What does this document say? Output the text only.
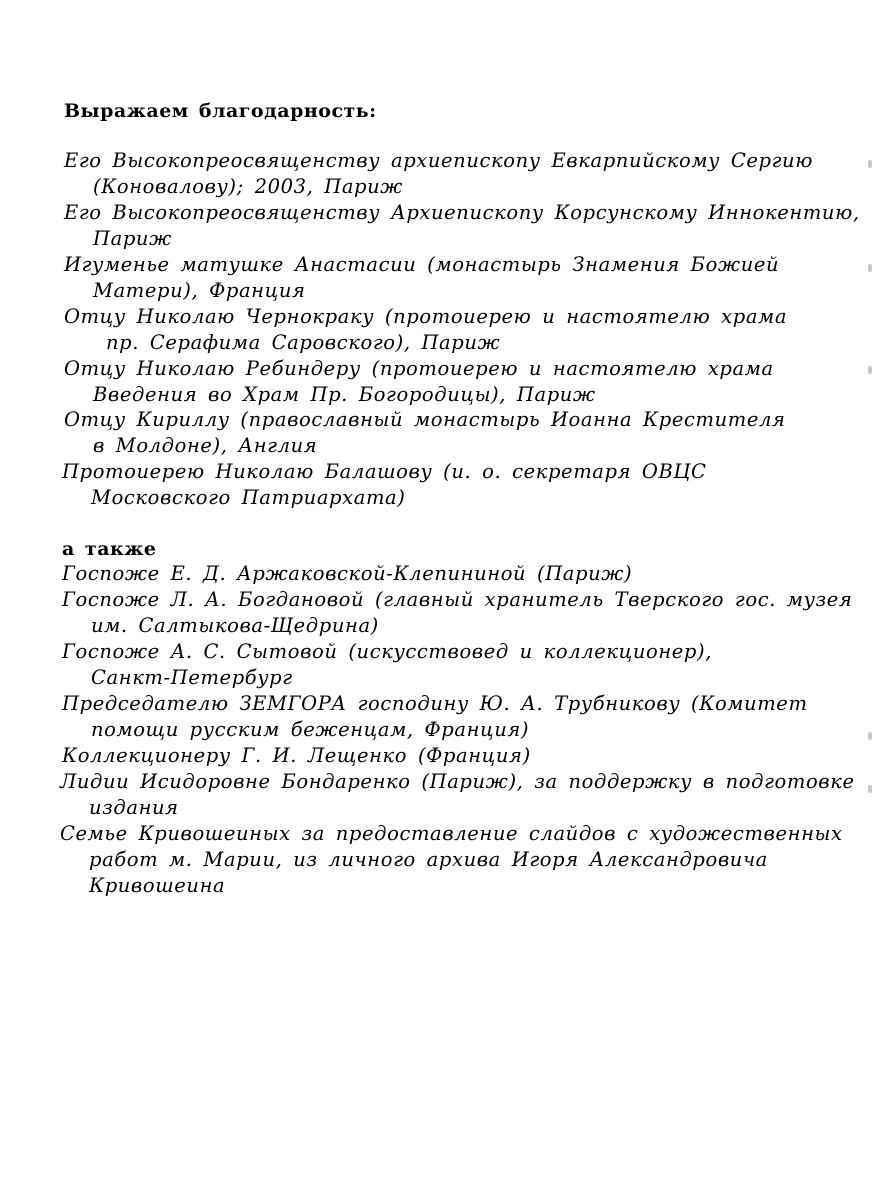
Выражаем благодарность:
Его Высокопреосвященству архиепископу Евкарпийскому Сергию
(Коновалову); 2003, Париж
Его Высокопреосвященству Архиепископу Корсунскому Иннокентию,
Париж
Игуменье матушке Анастасии (монастырь Знамения Божией
Матери), Франция
Отцу Николаю Чернокраку (протоиерею и настоятелю храма
пр. Серафима Саровского), Париж
Отцу Николаю Ребиндеру (протоиерею и настоятелю храма
Введения во Храм Пр. Богородицы), Париж
Отцу Кириллу (православный монастырь Иоанна Крестителя
в Молдоне), Англия
Протоиерею Николаю Балашову (и. о. секретаря ОВЦС
Московского Патриархата)
а также
Госпоже Е. Д. Аржаковской-Клепининой (Париж)
Госпоже Л. А. Богдановой (главный хранитель Тверского гос. музея
им. Салтыкова-Щедрина)
Госпоже А. С. Сытовой (искусствовед и коллекционер),
Санкт-Петербург
Председателю ЗЕМГОРА господину Ю. А. Трубникову (Комитет
помощи русским беженцам, Франция)
Коллекционеру Г. И. Лещенко (Франция)
Лидии Исидоровне Бондаренко (Париж), за поддержку в подготовке
издания
Семье Кривошеиных за предоставление слайдов с художественных
работ м. Марии, из личного архива Игоря Александровича
Кривошеина
